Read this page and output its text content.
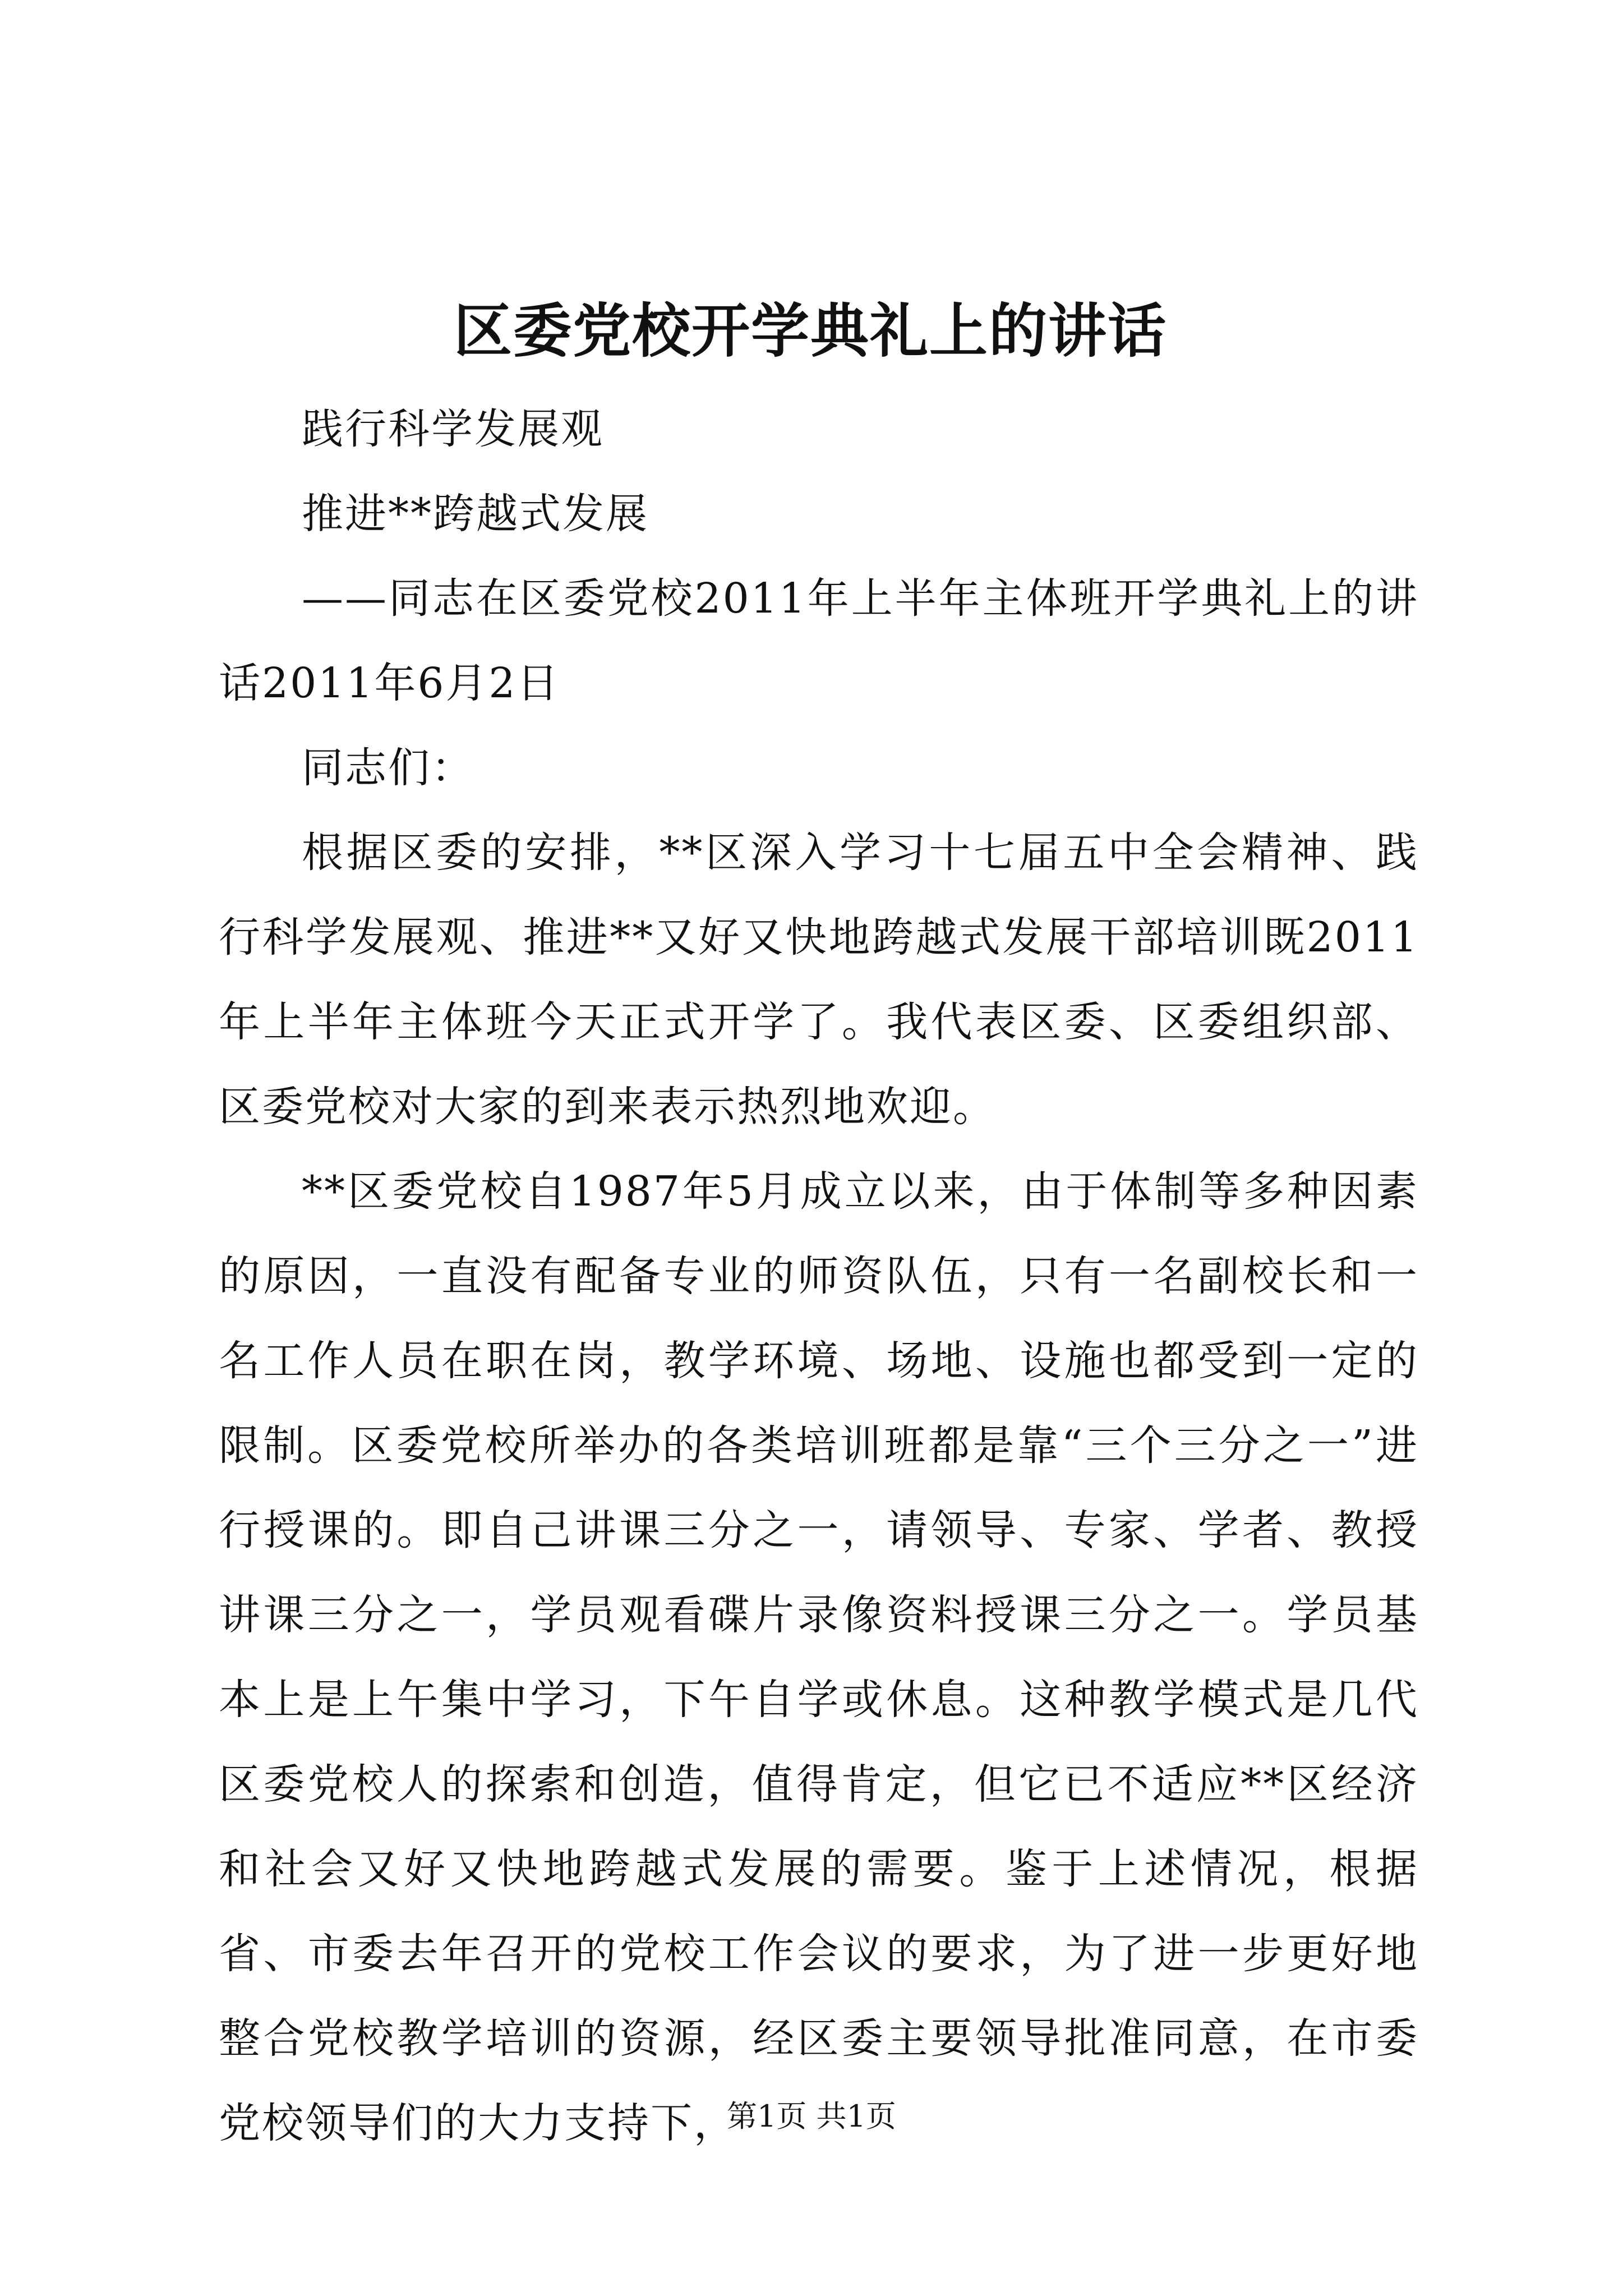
区委党校开学典礼上的讲话

践行科学发展观

推进**跨越式发展

——同志在区委党校2011年上半年主体班开学典礼上的讲话2011年6月2日

同志们：

根据区委的安排，**区深入学习十七届五中全会精神、践行科学发展观、推进**又好又快地跨越式发展干部培训既2011年上半年主体班今天正式开学了。我代表区委、区委组织部、区委党校对大家的到来表示热烈地欢迎。

**区委党校自1987年5月成立以来，由于体制等多种因素的原因，一直没有配备专业的师资队伍，只有一名副校长和一名工作人员在职在岗，教学环境、场地、设施也都受到一定的限制。区委党校所举办的各类培训班都是靠“三个三分之一”进行授课的。即自己讲课三分之一，请领导、专家、学者、教授讲课三分之一，学员观看碟片录像资料授课三分之一。学员基本上是上午集中学习，下午自学或休息。这种教学模式是几代区委党校人的探索和创造，值得肯定，但它已不适应**区经济和社会又好又快地跨越式发展的需要。鉴于上述情况，根据省、市委去年召开的党校工作会议的要求，为了进一步更好地整合党校教学培训的资源，经区委主要领导批准同意，在市委党校领导们的大力支持下，

第1页 共1页
